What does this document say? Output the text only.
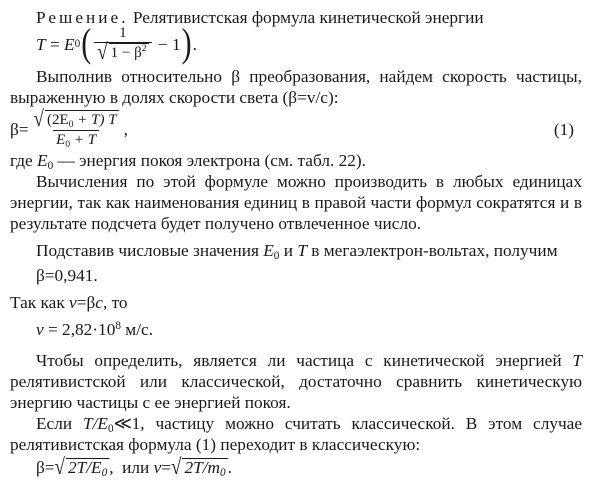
Решение. Релятивистская формула кинетической энергии

T = E 0 ( $\frac{1}{√ 1 - \beta^2} - 1$ ) .

Выполнив относительно β преобразования, найдем скорость частицы, выраженную в долях скорости света (β=v/c):

$\beta = \frac{√ (2E_0 + T) T}{E_0 + T}$ ,	(1)

где $E_0$ — энергия покоя электрона (см. табл. 22).

Вычисления по этой формуле можно производить в любых единицах энергии, так как наименования единиц в правой части формул сократятся и в результате подсчета будет получено отвлеченное число.

Подставив числовые значения $E_0$ и T в мегаэлектрон-вольтах, получим

β=0,941.

Так как v=βc, то

$v = 2,82\cdot 10^8$ м/с.

Чтобы определить, является ли частица с кинетической энергией T релятивистской или классической, достаточно сравнить кинетическую энергию частицы с ее энергией покоя.

Если $T/E_0≪1$, частицу можно считать классической. В этом случае релятивистская формула (1) переходит в классическую:

β = √ $2T/E_0$ ,  или v = √ $2T/m_0$ .
